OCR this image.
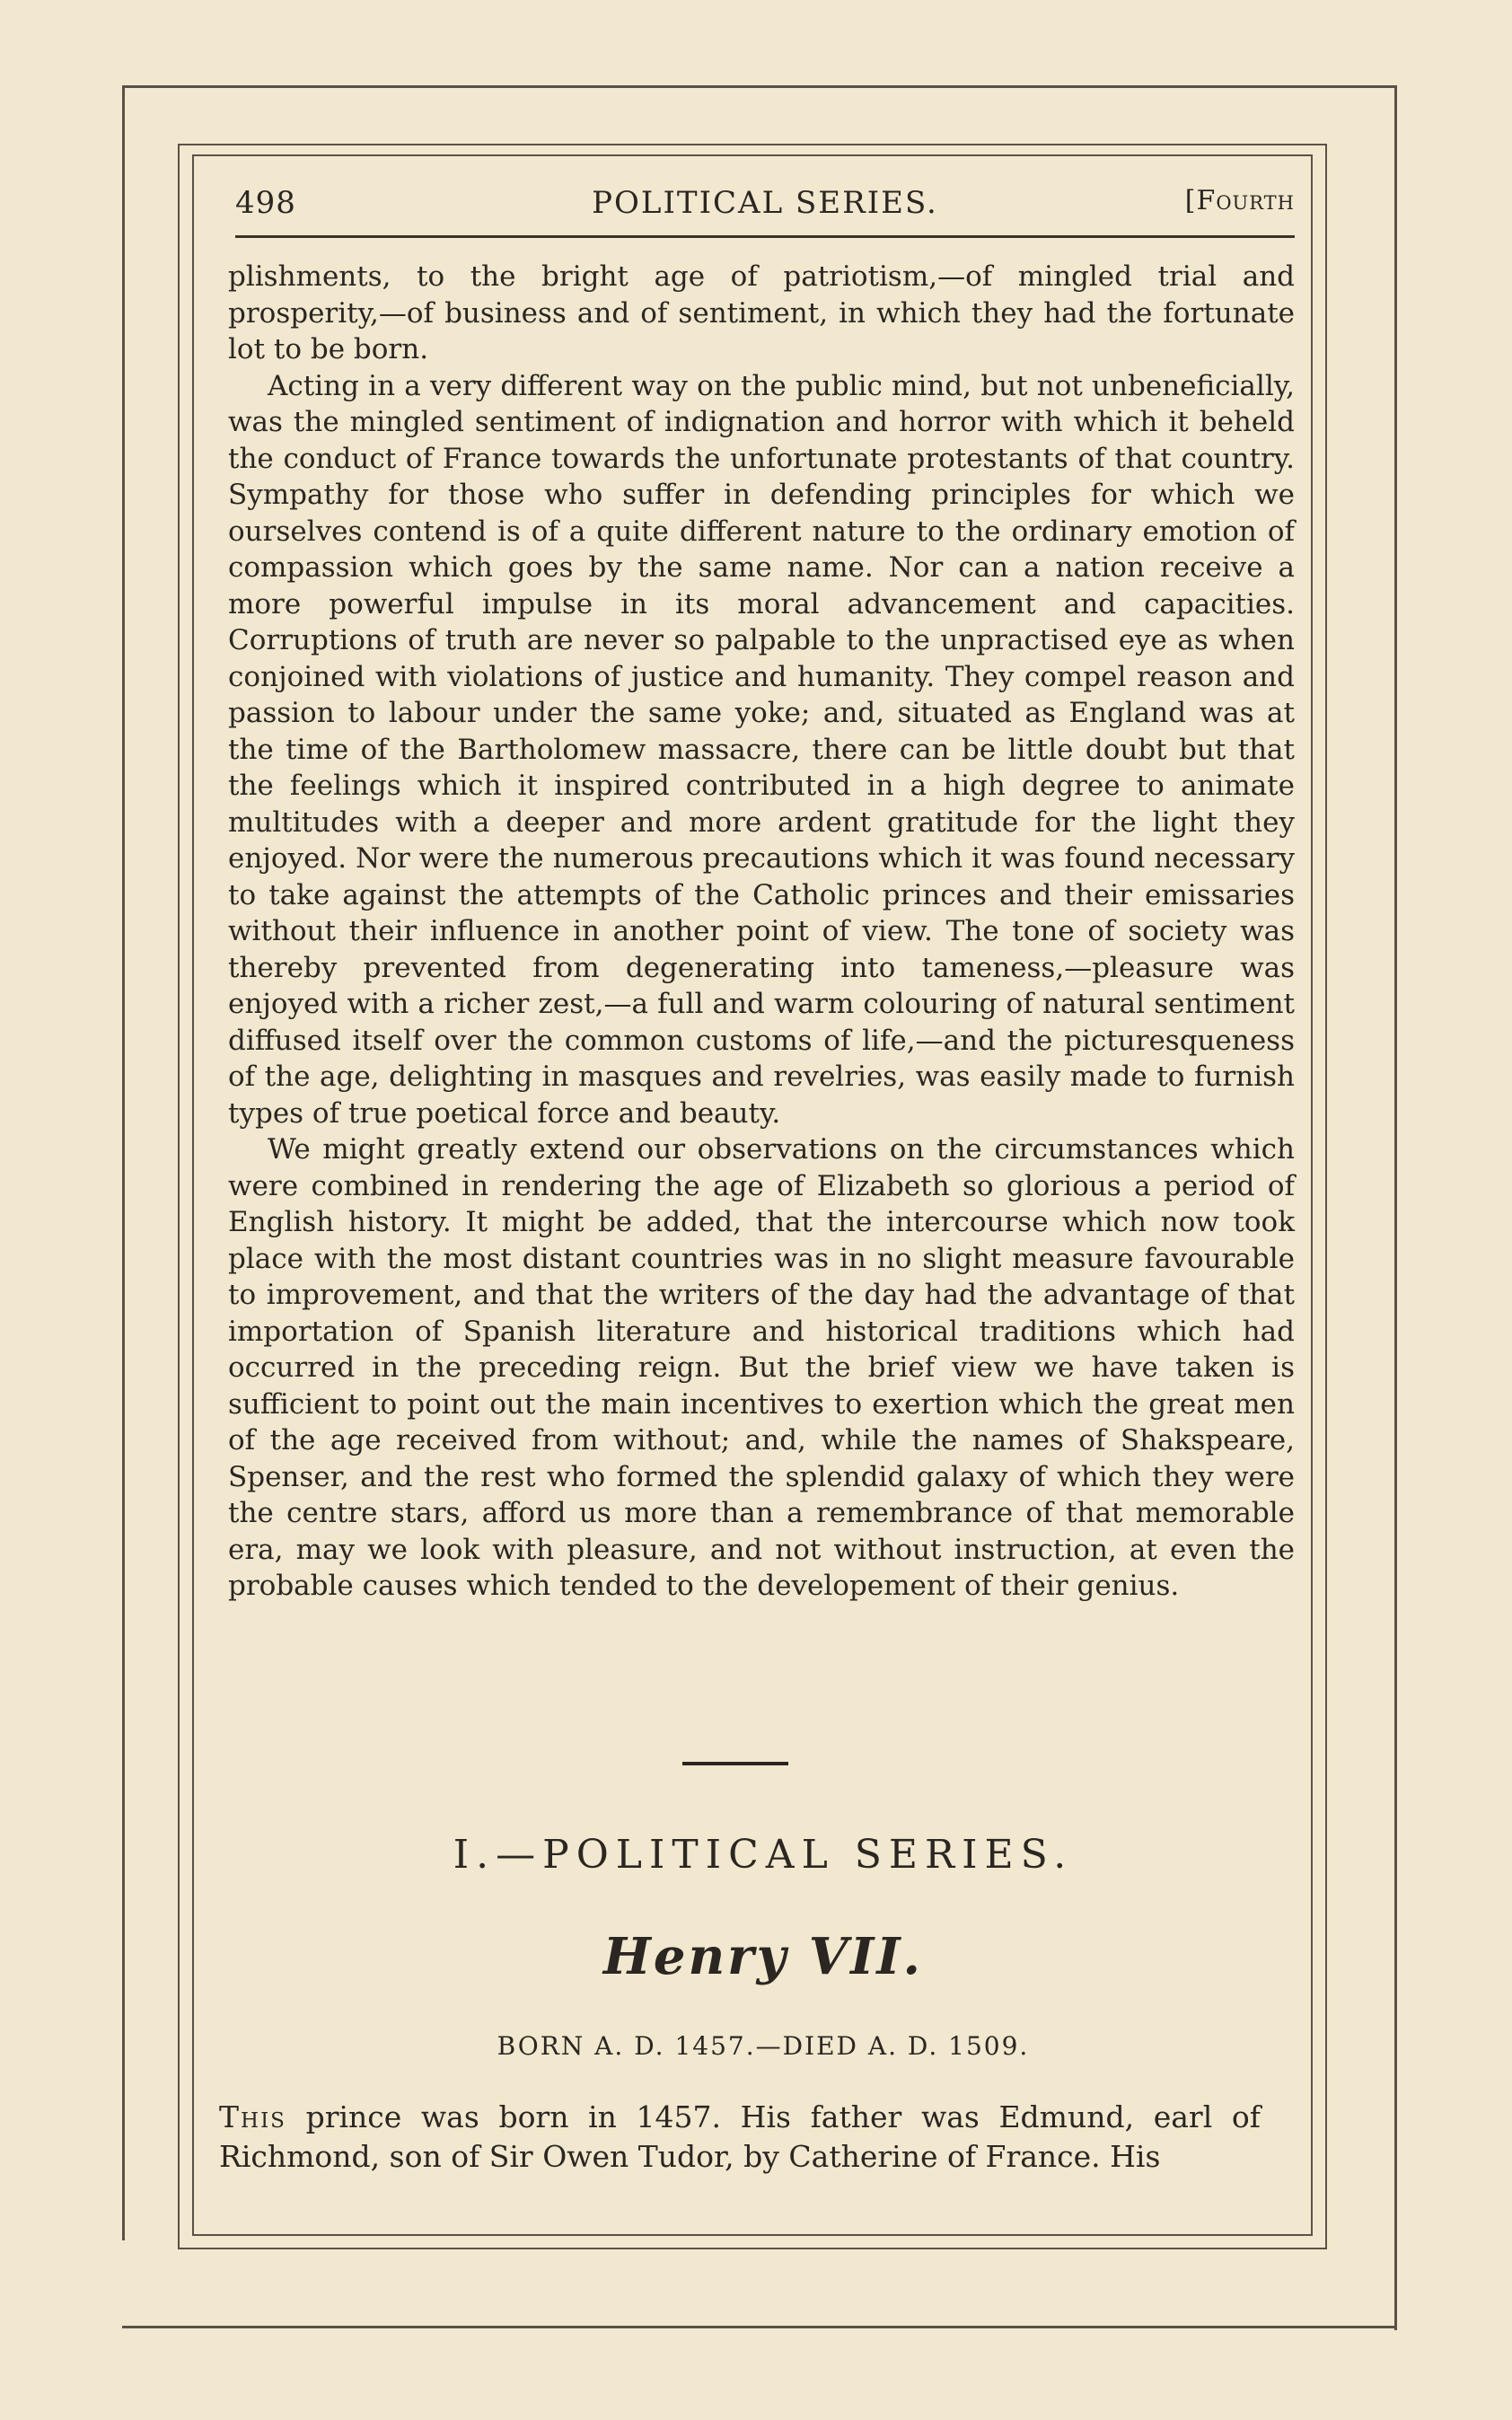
POLITICAL SERIES.
498	[Fourth

plishments, to the bright age of patriotism,—of mingled trial and prosperity,—of business and of sentiment, in which they had the fortunate lot to be born.

Acting in a very different way on the public mind, but not unbeneficially, was the mingled sentiment of indignation and horror with which it beheld the conduct of France towards the unfortunate protestants of that country. Sympathy for those who suffer in defending principles for which we ourselves contend is of a quite different nature to the ordinary emotion of compassion which goes by the same name. Nor can a nation receive a more powerful impulse in its moral advancement and capacities. Corruptions of truth are never so palpable to the unpractised eye as when conjoined with violations of justice and humanity. They compel reason and passion to labour under the same yoke; and, situated as England was at the time of the Bartholomew massacre, there can be little doubt but that the feelings which it inspired contributed in a high degree to animate multitudes with a deeper and more ardent gratitude for the light they enjoyed. Nor were the numerous precautions which it was found necessary to take against the attempts of the Catholic princes and their emissaries without their influence in another point of view. The tone of society was thereby prevented from degenerating into tameness,—pleasure was enjoyed with a richer zest,—a full and warm colouring of natural sentiment diffused itself over the common customs of life,—and the picturesqueness of the age, delighting in masques and revelries, was easily made to furnish types of true poetical force and beauty.

We might greatly extend our observations on the circumstances which were combined in rendering the age of Elizabeth so glorious a period of English history. It might be added, that the intercourse which now took place with the most distant countries was in no slight measure favourable to improvement, and that the writers of the day had the advantage of that importation of Spanish literature and historical traditions which had occurred in the preceding reign. But the brief view we have taken is sufficient to point out the main incentives to exertion which the great men of the age received from without; and, while the names of Shakspeare, Spenser, and the rest who formed the splendid galaxy of which they were the centre stars, afford us more than a remembrance of that memorable era, may we look with pleasure, and not without instruction, at even the probable causes which tended to the developement of their genius.

I.—POLITICAL SERIES.
Henry VII.
BORN A. D. 1457.—DIED A. D. 1509.
This prince was born in 1457. His father was Edmund, earl of Richmond, son of Sir Owen Tudor, by Catherine of France. His
